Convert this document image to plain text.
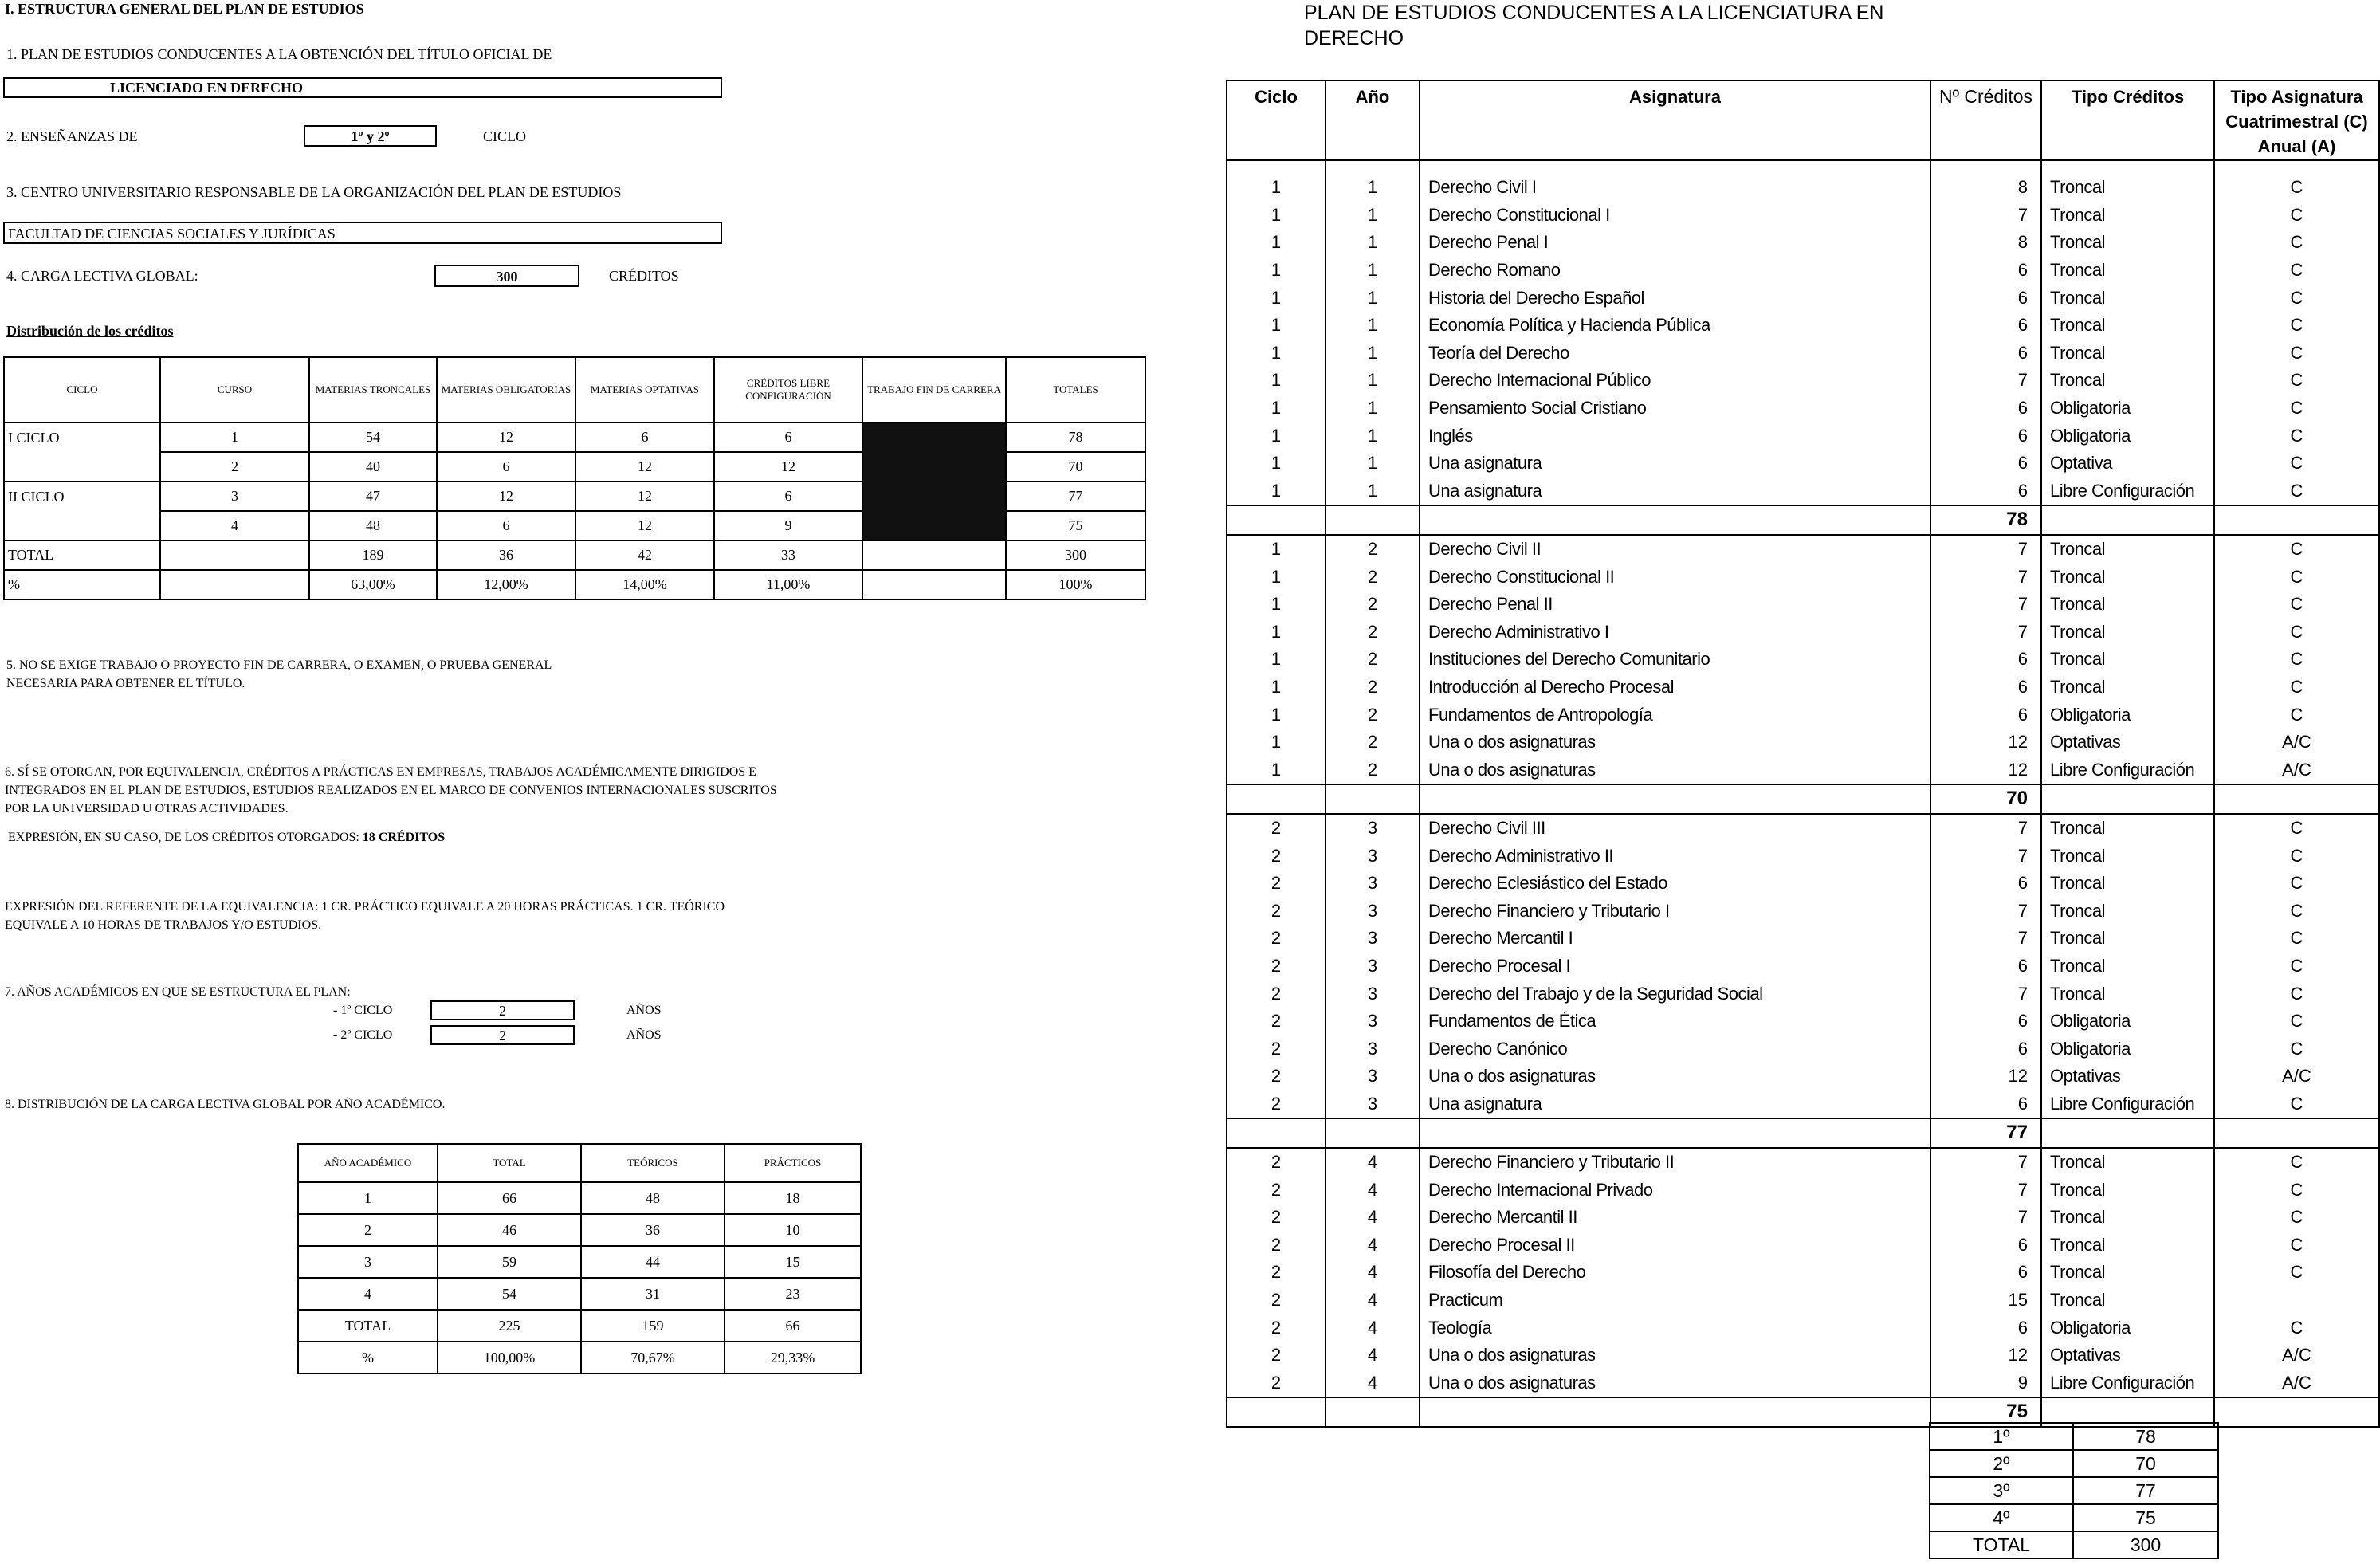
I. ESTRUCTURA GENERAL DEL PLAN DE ESTUDIOS
1. PLAN DE ESTUDIOS CONDUCENTES A LA OBTENCIÓN DEL TÍTULO OFICIAL DE
LICENCIADO EN DERECHO
2. ENSEÑANZAS DE	1º y 2º	CICLO
3. CENTRO UNIVERSITARIO RESPONSABLE DE LA ORGANIZACIÓN DEL PLAN DE ESTUDIOS
FACULTAD DE CIENCIAS SOCIALES Y JURÍDICAS
4. CARGA LECTIVA GLOBAL:	300	CRÉDITOS
Distribución de los créditos
CICLO	CURSO	MATERIAS TRONCALES	MATERIAS OBLIGATORIAS	MATERIAS OPTATIVAS	CRÉDITOS LIBRE CONFIGURACIÓN	TRABAJO FIN DE CARRERA	TOTALES
I CICLO	1	54	12	6	6		78
	2	40	6	12	12		70
II CICLO	3	47	12	12	6		77
	4	48	6	12	9		75
TOTAL		189	36	42	33		300
%		63,00%	12,00%	14,00%	11,00%		100%
5. NO SE EXIGE TRABAJO O PROYECTO FIN DE CARRERA, O EXAMEN, O PRUEBA GENERAL
NECESARIA PARA OBTENER EL TÍTULO.
6. SÍ SE OTORGAN, POR EQUIVALENCIA, CRÉDITOS A PRÁCTICAS EN EMPRESAS, TRABAJOS ACADÉMICAMENTE DIRIGIDOS E
INTEGRADOS EN EL PLAN DE ESTUDIOS, ESTUDIOS REALIZADOS EN EL MARCO DE CONVENIOS INTERNACIONALES SUSCRITOS
POR LA UNIVERSIDAD U OTRAS ACTIVIDADES.
EXPRESIÓN, EN SU CASO, DE LOS CRÉDITOS OTORGADOS: 18 CRÉDITOS
EXPRESIÓN DEL REFERENTE DE LA EQUIVALENCIA: 1 CR. PRÁCTICO EQUIVALE A 20 HORAS PRÁCTICAS. 1 CR. TEÓRICO
EQUIVALE A 10 HORAS DE TRABAJOS Y/O ESTUDIOS.
7. AÑOS ACADÉMICOS EN QUE SE ESTRUCTURA EL PLAN:
- 1º CICLO	2	AÑOS
- 2º CICLO	2	AÑOS
8. DISTRIBUCIÓN DE LA CARGA LECTIVA GLOBAL POR AÑO ACADÉMICO.
AÑO ACADÉMICO	TOTAL	TEÓRICOS	PRÁCTICOS
1	66	48	18
2	46	36	10
3	59	44	15
4	54	31	23
TOTAL	225	159	66
%	100,00%	70,67%	29,33%
PLAN DE ESTUDIOS CONDUCENTES A LA LICENCIATURA EN
DERECHO
Ciclo	Año	Asignatura	Nº Créditos	Tipo Créditos	Tipo Asignatura
Cuatrimestral (C)
Anual (A)

1	1	Derecho Civil I	8	Troncal	C
1	1	Derecho Constitucional I	7	Troncal	C
1	1	Derecho Penal I	8	Troncal	C
1	1	Derecho Romano	6	Troncal	C
1	1	Historia del Derecho Español	6	Troncal	C
1	1	Economía Política y Hacienda Pública	6	Troncal	C
1	1	Teoría del Derecho	6	Troncal	C
1	1	Derecho Internacional Público	7	Troncal	C
1	1	Pensamiento Social Cristiano	6	Obligatoria	C
1	1	Inglés	6	Obligatoria	C
1	1	Una asignatura	6	Optativa	C
1	1	Una asignatura	6	Libre Configuración	C
			78		
1	2	Derecho Civil II	7	Troncal	C
1	2	Derecho Constitucional II	7	Troncal	C
1	2	Derecho Penal II	7	Troncal	C
1	2	Derecho Administrativo I	7	Troncal	C
1	2	Instituciones del Derecho Comunitario	6	Troncal	C
1	2	Introducción al Derecho Procesal	6	Troncal	C
1	2	Fundamentos de Antropología	6	Obligatoria	C
1	2	Una o dos asignaturas	12	Optativas	A/C
1	2	Una o dos asignaturas	12	Libre Configuración	A/C
			70		
2	3	Derecho Civil III	7	Troncal	C
2	3	Derecho Administrativo II	7	Troncal	C
2	3	Derecho Eclesiástico del Estado	6	Troncal	C
2	3	Derecho Financiero y Tributario I	7	Troncal	C
2	3	Derecho Mercantil I	7	Troncal	C
2	3	Derecho Procesal I	6	Troncal	C
2	3	Derecho del Trabajo y de la Seguridad Social	7	Troncal	C
2	3	Fundamentos de Ética	6	Obligatoria	C
2	3	Derecho Canónico	6	Obligatoria	C
2	3	Una o dos asignaturas	12	Optativas	A/C
2	3	Una asignatura	6	Libre Configuración	C
			77		
2	4	Derecho Financiero y Tributario II	7	Troncal	C
2	4	Derecho Internacional Privado	7	Troncal	C
2	4	Derecho Mercantil II	7	Troncal	C
2	4	Derecho Procesal II	6	Troncal	C
2	4	Filosofía del Derecho	6	Troncal	C
2	4	Practicum	15	Troncal	
2	4	Teología	6	Obligatoria	C
2	4	Una o dos asignaturas	12	Optativas	A/C
2	4	Una o dos asignaturas	9	Libre Configuración	A/C
			75		
1º	78
2º	70
3º	77
4º	75
TOTAL	300
